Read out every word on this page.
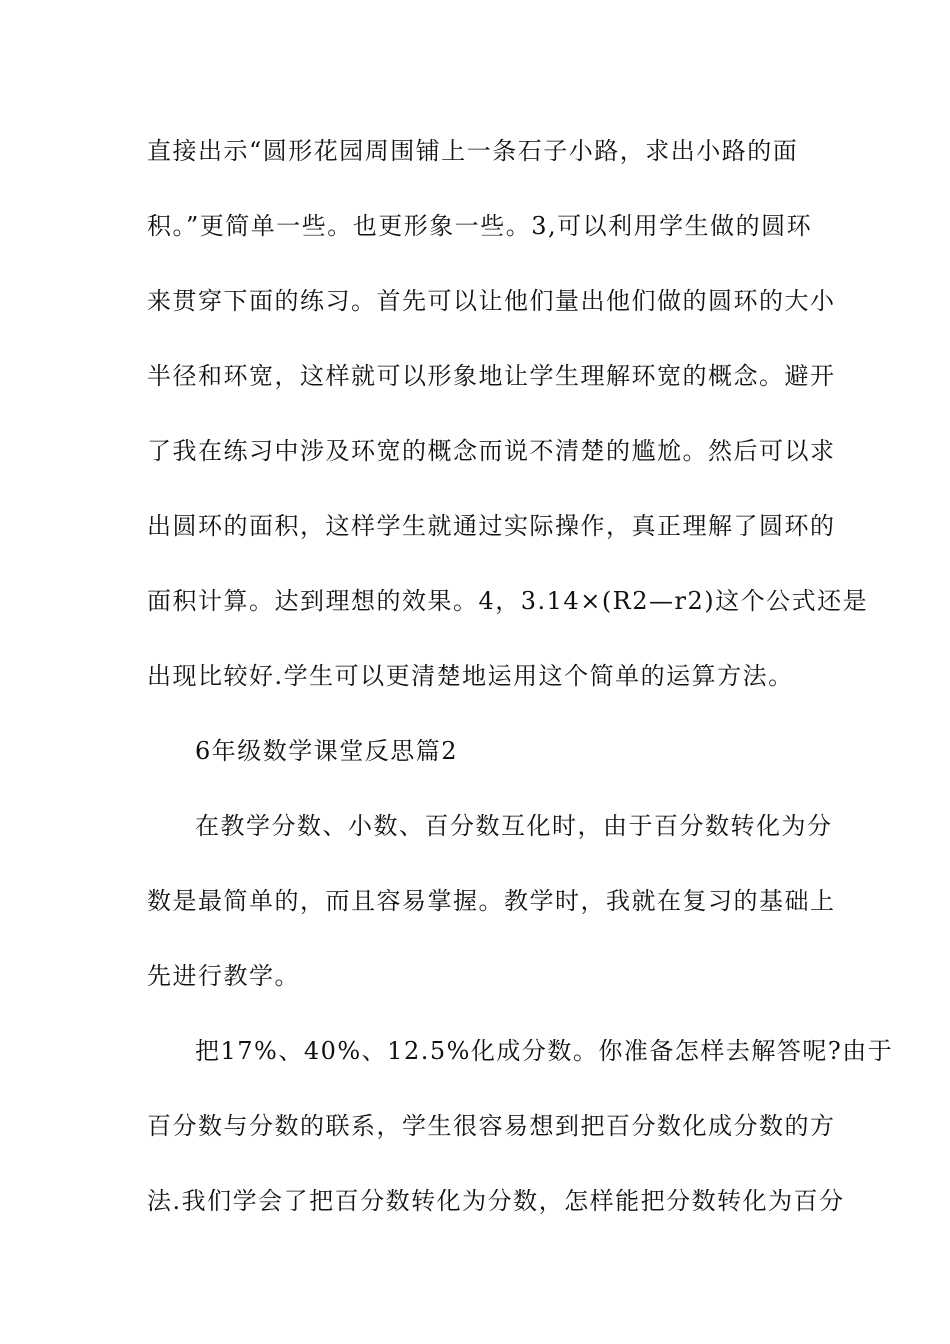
直接出示“圆形花园周围铺上一条石子小路，求出小路的面
积。”更简单一些。也更形象一些。3,可以利用学生做的圆环
来贯穿下面的练习。首先可以让他们量出他们做的圆环的大小
半径和环宽，这样就可以形象地让学生理解环宽的概念。避开
了我在练习中涉及环宽的概念而说不清楚的尴尬。然后可以求
出圆环的面积，这样学生就通过实际操作，真正理解了圆环的
面积计算。达到理想的效果。4，3.14×(R2—r2)这个公式还是
出现比较好.学生可以更清楚地运用这个简单的运算方法。
6年级数学课堂反思篇2
在教学分数、小数、百分数互化时，由于百分数转化为分
数是最简单的，而且容易掌握。教学时，我就在复习的基础上
先进行教学。
把17%、40%、12.5%化成分数。你准备怎样去解答呢?由于
百分数与分数的联系，学生很容易想到把百分数化成分数的方
法.我们学会了把百分数转化为分数，怎样能把分数转化为百分
